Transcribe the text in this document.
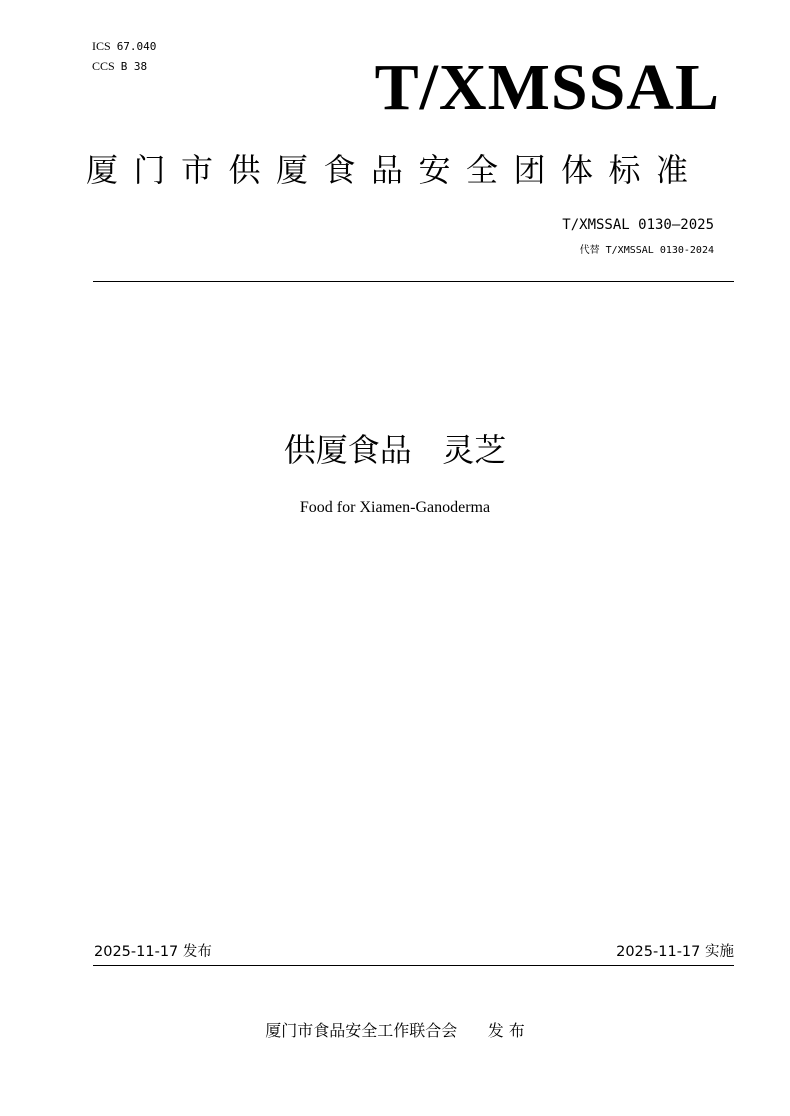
ICS 67.040
CCS B 38	T/XMSSAL
厦门市供厦食品安全团体标准
T/XMSSAL 0130—2025
代替 T/XMSSAL 0130-2024
供厦食品   灵芝
Food for Xiamen-Ganoderma
2025-11-17 发布	2025-11-17 实施
厦门市食品安全工作联合会      发 布
